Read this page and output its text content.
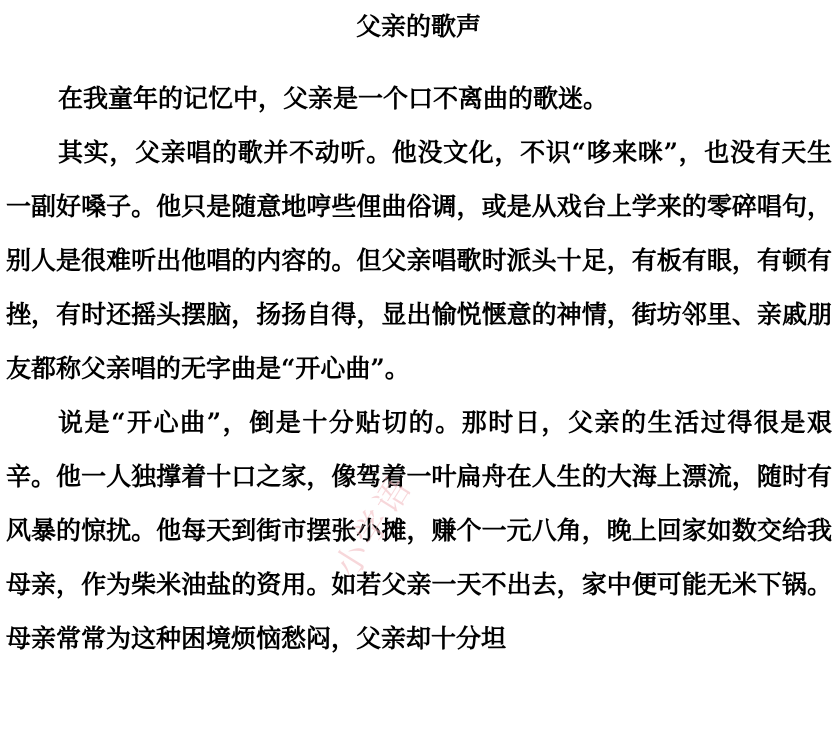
父亲的歌声

在我童年的记忆中，父亲是一个口不离曲的歌迷。

其实，父亲唱的歌并不动听。他没文化，不识“哆来咪”，也没有天生一副好嗓子。他只是随意地哼些俚曲俗调，或是从戏台上学来的零碎唱句，别人是很难听出他唱的内容的。但父亲唱歌时派头十足，有板有眼，有顿有挫，有时还摇头摆脑，扬扬自得，显出愉悦惬意的神情，街坊邻里、亲戚朋友都称父亲唱的无字曲是“开心曲”。

说是“开心曲”，倒是十分贴切的。那时日，父亲的生活过得很是艰辛。他一人独撑着十口之家，像驾着一叶扁舟在人生的大海上漂流，随时有风暴的惊扰。他每天到街市摆张小摊，赚个一元八角，晚上回家如数交给我母亲，作为柴米油盐的资用。如若父亲一天不出去，家中便可能无米下锅。母亲常常为这种困境烦恼愁闷，父亲却十分坦

小学语
